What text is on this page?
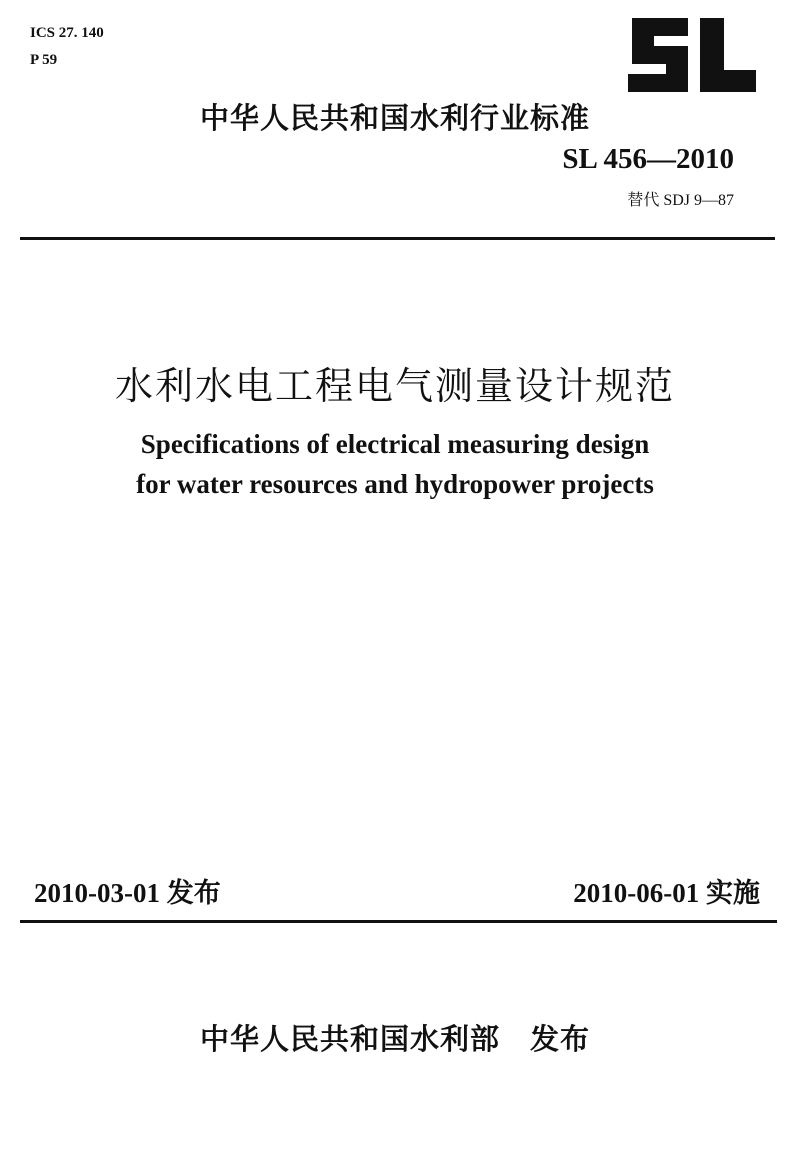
ICS 27. 140
P 59
中华人民共和国水利行业标准
SL 456—2010
替代 SDJ 9—87
水利水电工程电气测量设计规范
Specifications of electrical measuring design
for water resources and hydropower projects
2010-03-01 发布	2010-06-01 实施
中华人民共和国水利部 发布
